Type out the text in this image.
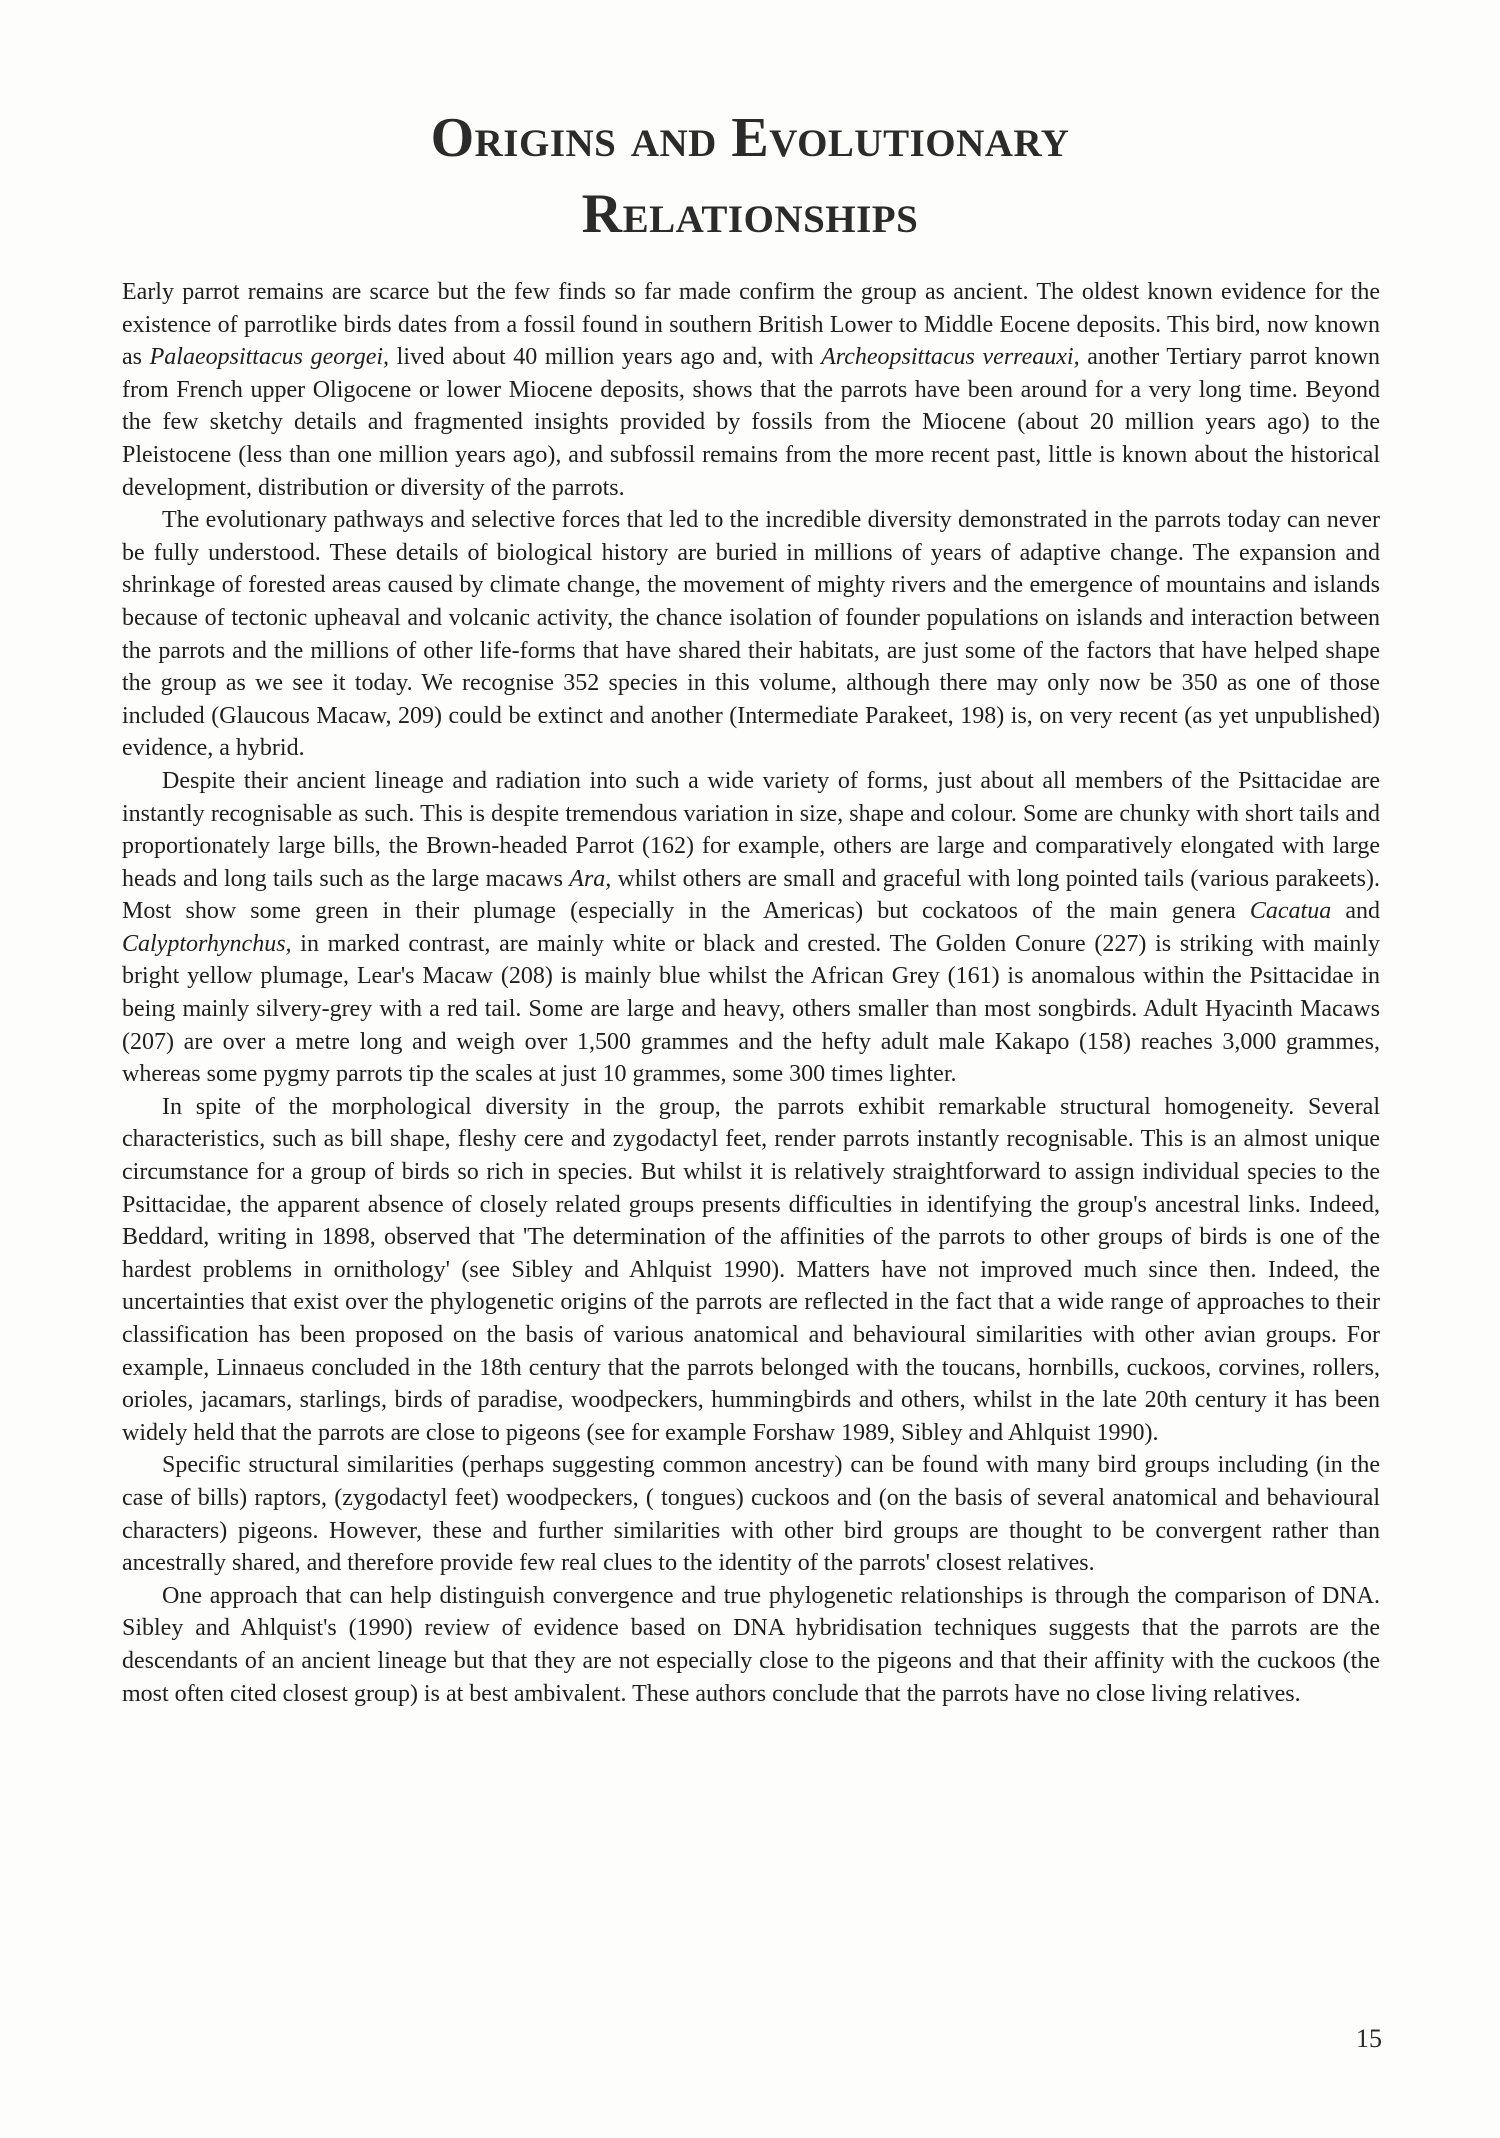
Origins and Evolutionary
Relationships

Early parrot remains are scarce but the few finds so far made confirm the group as ancient. The oldest known evidence for the existence of parrotlike birds dates from a fossil found in southern British Lower to Middle Eocene deposits. This bird, now known as Palaeopsittacus georgei, lived about 40 million years ago and, with Archeopsittacus verreauxi, another Tertiary parrot known from French upper Oligocene or lower Miocene deposits, shows that the parrots have been around for a very long time. Beyond the few sketchy details and fragmented insights provided by fossils from the Miocene (about 20 million years ago) to the Pleistocene (less than one million years ago), and subfossil remains from the more recent past, little is known about the historical development, distribution or diversity of the parrots.

The evolutionary pathways and selective forces that led to the incredible diversity demonstrated in the parrots today can never be fully understood. These details of biological history are buried in millions of years of adaptive change. The expansion and shrinkage of forested areas caused by climate change, the movement of mighty rivers and the emergence of mountains and islands because of tectonic upheaval and volcanic activity, the chance isolation of founder populations on islands and interaction between the parrots and the millions of other life-forms that have shared their habitats, are just some of the factors that have helped shape the group as we see it today. We recognise 352 species in this volume, although there may only now be 350 as one of those included (Glaucous Macaw, 209) could be extinct and another (Intermediate Parakeet, 198) is, on very recent (as yet unpublished) evidence, a hybrid.

Despite their ancient lineage and radiation into such a wide variety of forms, just about all members of the Psittacidae are instantly recognisable as such. This is despite tremendous variation in size, shape and colour. Some are chunky with short tails and proportionately large bills, the Brown-headed Parrot (162) for example, others are large and comparatively elongated with large heads and long tails such as the large macaws Ara, whilst others are small and graceful with long pointed tails (various parakeets). Most show some green in their plumage (especially in the Americas) but cockatoos of the main genera Cacatua and Calyptorhynchus, in marked contrast, are mainly white or black and crested. The Golden Conure (227) is striking with mainly bright yellow plumage, Lear's Macaw (208) is mainly blue whilst the African Grey (161) is anomalous within the Psittacidae in being mainly silvery-grey with a red tail. Some are large and heavy, others smaller than most songbirds. Adult Hyacinth Macaws (207) are over a metre long and weigh over 1,500 grammes and the hefty adult male Kakapo (158) reaches 3,000 grammes, whereas some pygmy parrots tip the scales at just 10 grammes, some 300 times lighter.

In spite of the morphological diversity in the group, the parrots exhibit remarkable structural homogeneity. Several characteristics, such as bill shape, fleshy cere and zygodactyl feet, render parrots instantly recognisable. This is an almost unique circumstance for a group of birds so rich in species. But whilst it is relatively straightforward to assign individual species to the Psittacidae, the apparent absence of closely related groups presents difficulties in identifying the group's ancestral links. Indeed, Beddard, writing in 1898, observed that 'The determination of the affinities of the parrots to other groups of birds is one of the hardest problems in ornithology' (see Sibley and Ahlquist 1990). Matters have not improved much since then. Indeed, the uncertainties that exist over the phylogenetic origins of the parrots are reflected in the fact that a wide range of approaches to their classification has been proposed on the basis of various anatomical and behavioural similarities with other avian groups. For example, Linnaeus concluded in the 18th century that the parrots belonged with the toucans, hornbills, cuckoos, corvines, rollers, orioles, jacamars, starlings, birds of paradise, woodpeckers, hummingbirds and others, whilst in the late 20th century it has been widely held that the parrots are close to pigeons (see for example Forshaw 1989, Sibley and Ahlquist 1990).

Specific structural similarities (perhaps suggesting common ancestry) can be found with many bird groups including (in the case of bills) raptors, (zygodactyl feet) woodpeckers, ( tongues) cuckoos and (on the basis of several anatomical and behavioural characters) pigeons. However, these and further similarities with other bird groups are thought to be convergent rather than ancestrally shared, and therefore provide few real clues to the identity of the parrots' closest relatives.

One approach that can help distinguish convergence and true phylogenetic relationships is through the comparison of DNA. Sibley and Ahlquist's (1990) review of evidence based on DNA hybridisation techniques suggests that the parrots are the descendants of an ancient lineage but that they are not especially close to the pigeons and that their affinity with the cuckoos (the most often cited closest group) is at best ambivalent. These authors conclude that the parrots have no close living relatives.

15
